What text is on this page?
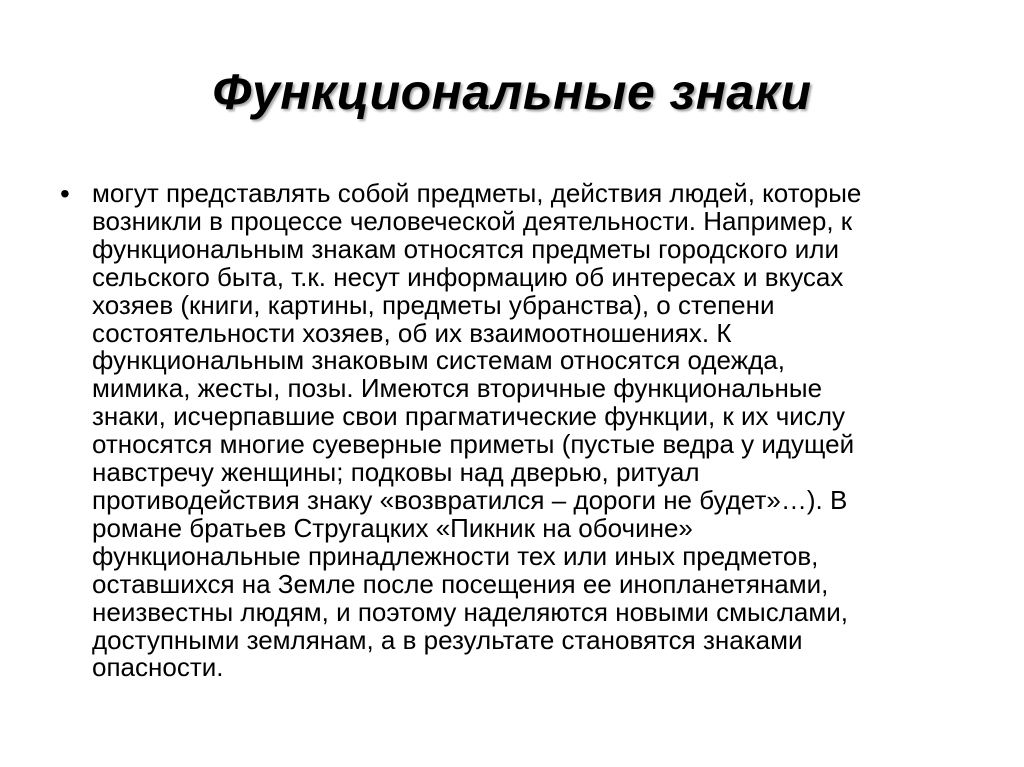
Функциональные знаки
• могут представлять собой предметы, действия людей, которые
возникли в процессе человеческой деятельности. Например, к
функциональным знакам относятся предметы городского или
сельского быта, т.к. несут информацию об интересах и вкусах
хозяев (книги, картины, предметы убранства), о степени
состоятельности хозяев, об их взаимоотношениях. К
функциональным знаковым системам относятся одежда,
мимика, жесты, позы. Имеются вторичные функциональные
знаки, исчерпавшие свои прагматические функции, к их числу
относятся многие суеверные приметы (пустые ведра у идущей
навстречу женщины; подковы над дверью, ритуал
противодействия знаку «возвратился – дороги не будет»…). В
романе братьев Стругацких «Пикник на обочине»
функциональные принадлежности тех или иных предметов,
оставшихся на Земле после посещения ее инопланетянами,
неизвестны людям, и поэтому наделяются новыми смыслами,
доступными землянам, а в результате становятся знаками
опасности.
